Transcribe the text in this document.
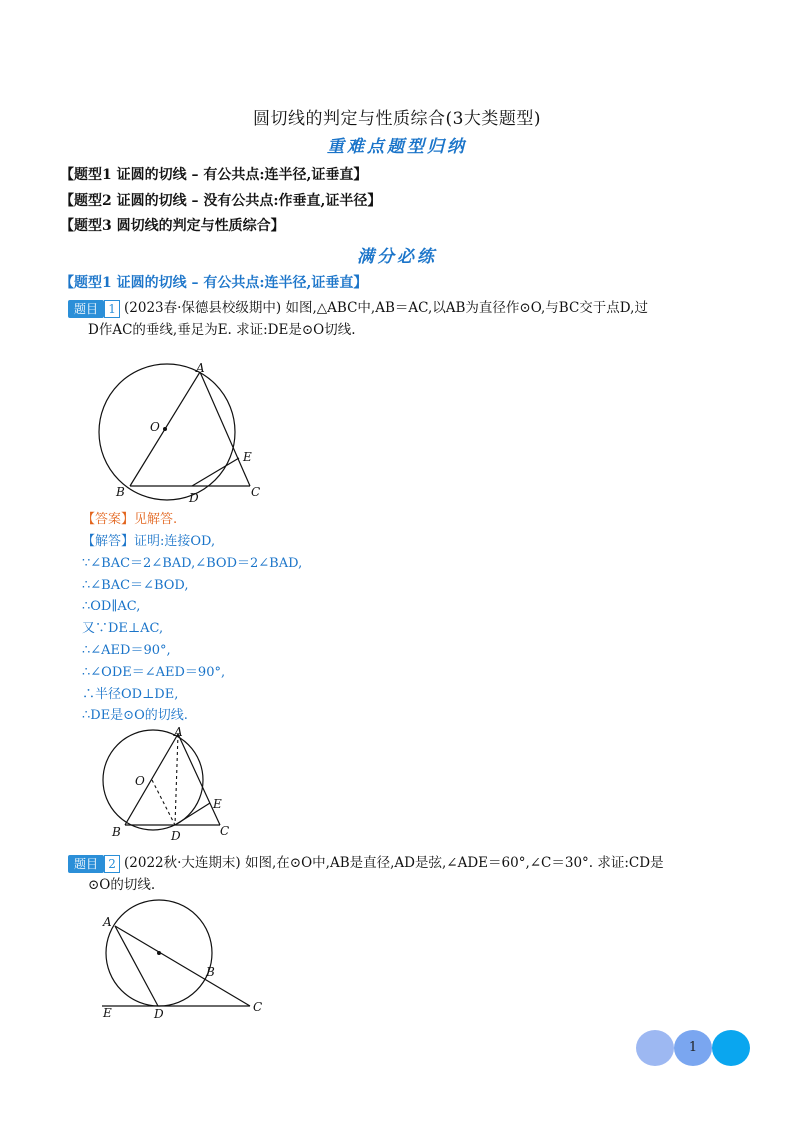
圆切线的判定与性质综合(3大类题型)
重难点题型归纳
【题型1 证圆的切线 – 有公共点:连半径,证垂直】
【题型2 证圆的切线 – 没有公共点:作垂直,证半径】
【题型3 圆切线的判定与性质综合】
满分必练
【题型1 证圆的切线 – 有公共点:连半径,证垂直】
题目 1 (2023春·保德县校级期中) 如图,△ABC中,AB＝AC,以AB为直径作⊙O,与BC交于点D,过
D作AC的垂线,垂足为E. 求证:DE是⊙O切线.
A
O
E
B	D	C
【答案】见解答.
【解答】证明:连接OD,
∵∠BAC＝2∠BAD,∠BOD＝2∠BAD,
∴∠BAC＝∠BOD,
∴OD∥AC,
又∵DE⊥AC,
∴∠AED＝90°,
∴∠ODE＝∠AED＝90°,
∴半径OD⊥DE,
∴DE是⊙O的切线.
A
O
E
B	D	C
题目 2 (2022秋·大连期末) 如图,在⊙O中,AB是直径,AD是弦,∠ADE＝60°,∠C＝30°. 求证:CD是
⊙O的切线.
A
B
E	D	C
1
